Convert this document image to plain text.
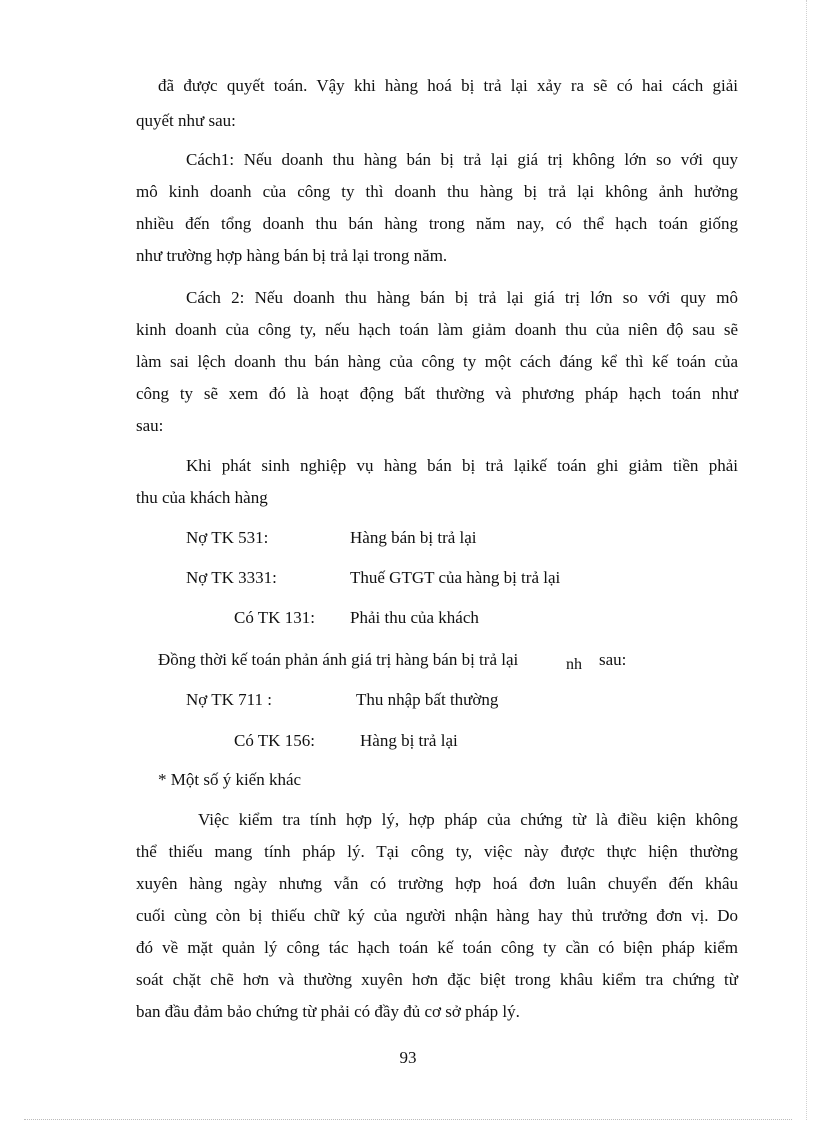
đã được quyết toán. Vậy khi hàng hoá bị trả lại xảy ra sẽ có hai cách giải
quyết như sau:
Cách1: Nếu doanh thu hàng bán bị trả lại giá trị không lớn so với quy
mô kinh doanh của công ty thì doanh thu hàng bị trả lại không ảnh hưởng
nhiều đến tổng doanh thu bán hàng trong năm nay, có thể hạch toán giống
như trường hợp hàng bán bị trả lại trong năm.
Cách 2: Nếu doanh thu hàng bán bị trả lại giá trị lớn so với quy mô
kinh doanh của công ty, nếu hạch toán làm giảm doanh thu của niên độ sau sẽ
làm sai lệch doanh thu bán hàng của công ty một cách đáng kể thì kế toán của
công ty sẽ xem đó là hoạt động bất thường và phương pháp hạch toán như
sau:
Khi phát sinh nghiệp vụ hàng bán bị trả lạikế toán ghi giảm tiền phải
thu của khách hàng
Nợ TK 531:	Hàng bán bị trả lại
Nợ TK 3331:	Thuế GTGT của hàng bị trả lại
Có TK 131: Phải thu của khách
Đồng thời kế toán phản ánh giá trị hàng bán bị trả lại	nh sau:
Nợ TK 711 :	Thu nhập bất thường
Có TK 156:	Hàng bị trả lại
* Một số ý kiến khác
Việc kiểm tra tính hợp lý, hợp pháp của chứng từ là điều kiện không
thể thiếu mang tính pháp lý. Tại công ty, việc này được thực hiện thường
xuyên hàng ngày nhưng vẫn có trường hợp hoá đơn luân chuyển đến khâu
cuối cùng còn bị thiếu chữ ký của người nhận hàng hay thủ trưởng đơn vị. Do
đó về mặt quản lý công tác hạch toán kế toán công ty cần có biện pháp kiểm
soát chặt chẽ hơn và thường xuyên hơn đặc biệt trong khâu kiểm tra chứng từ
ban đầu đảm bảo chứng từ phải có đầy đủ cơ sở pháp lý.
93
